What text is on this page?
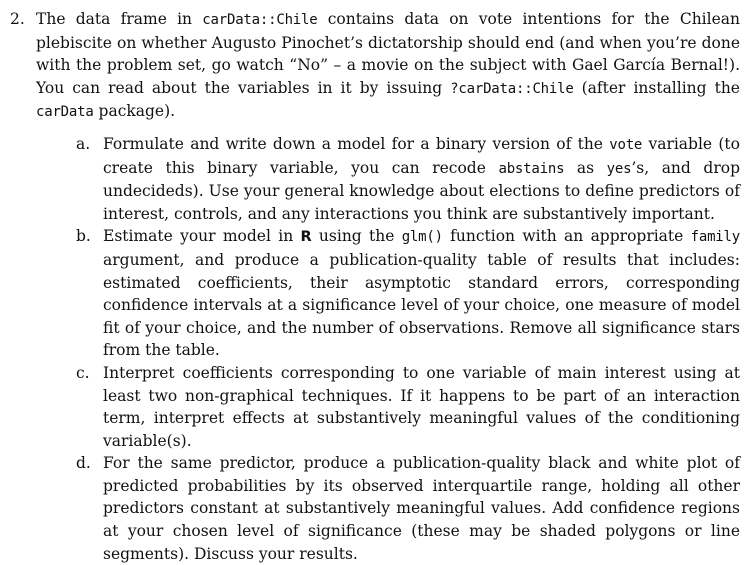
2. The data frame in carData::Chile contains data on vote intentions for the Chilean plebiscite on whether Augusto Pinochet’s dictatorship should end (and when you’re done with the problem set, go watch “No” – a movie on the subject with Gael García Bernal!). You can read about the variables in it by issuing ?carData::Chile (after installing the carData package).

a. Formulate and write down a model for a binary version of the vote variable (to create this binary variable, you can recode abstains as yes’s, and drop undecideds). Use your general knowledge about elections to define predictors of interest, controls, and any interactions you think are substantively important.
b. Estimate your model in R using the glm() function with an appropriate family argument, and produce a publication-quality table of results that includes: estimated coefficients, their asymptotic standard errors, corresponding confidence intervals at a significance level of your choice, one measure of model fit of your choice, and the number of observations. Remove all significance stars from the table.
c. Interpret coefficients corresponding to one variable of main interest using at least two non-graphical techniques. If it happens to be part of an interaction term, interpret effects at substantively meaningful values of the conditioning variable(s).
d. For the same predictor, produce a publication-quality black and white plot of predicted probabilities by its observed interquartile range, holding all other predictors constant at substantively meaningful values. Add confidence regions at your chosen level of significance (these may be shaded polygons or line segments). Discuss your results.
